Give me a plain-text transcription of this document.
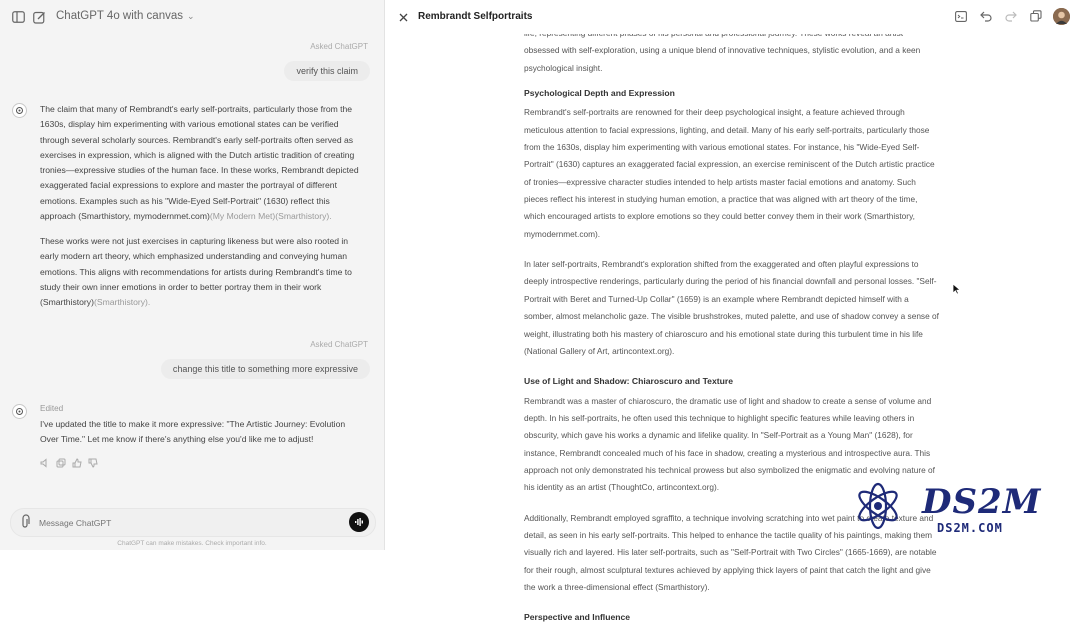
ChatGPT 4o with canvas ⌄
Asked ChatGPT
verify this claim

The claim that many of Rembrandt's early self-portraits, particularly those from the 1630s, display him experimenting with various emotional states can be verified through several scholarly sources. Rembrandt's early self-portraits often served as exercises in expression, which is aligned with the Dutch artistic tradition of creating tronies—expressive studies of the human face. In these works, Rembrandt depicted exaggerated facial expressions to explore and master the portrayal of different emotions. Examples such as his "Wide-Eyed Self-Portrait" (1630) reflect this approach (Smarthistory, mymodernmet.com)(My Modern Met)(Smarthistory).

These works were not just exercises in capturing likeness but were also rooted in early modern art theory, which emphasized understanding and conveying human emotions. This aligns with recommendations for artists during Rembrandt's time to study their own inner emotions in order to better portray them in their work (Smarthistory)(Smarthistory).

Asked ChatGPT
change this title to something more expressive
Edited

I've updated the title to make it more expressive: "The Artistic Journey: Evolution Over Time." Let me know if there's anything else you'd like me to adjust!

Message ChatGPT
ChatGPT can make mistakes. Check important info.
Rembrandt Selfportraits

obsessed with self-exploration, using a unique blend of innovative techniques, stylistic evolution, and a keen psychological insight.

Psychological Depth and Expression

Rembrandt's self-portraits are renowned for their deep psychological insight, a feature achieved through meticulous attention to facial expressions, lighting, and detail. Many of his early self-portraits, particularly those from the 1630s, display him experimenting with various emotional states. For instance, his "Wide-Eyed Self-Portrait" (1630) captures an exaggerated facial expression, an exercise reminiscent of the Dutch artistic practice of tronies—expressive character studies intended to help artists master facial emotions and anatomy. Such pieces reflect his interest in studying human emotion, a practice that was aligned with art theory of the time, which encouraged artists to explore emotions so they could better convey them in their work (Smarthistory, mymodernmet.com).

In later self-portraits, Rembrandt's exploration shifted from the exaggerated and often playful expressions to deeply introspective renderings, particularly during the period of his financial downfall and personal losses. "Self-Portrait with Beret and Turned-Up Collar" (1659) is an example where Rembrandt depicted himself with a somber, almost melancholic gaze. The visible brushstrokes, muted palette, and use of shadow convey a sense of weight, illustrating both his mastery of chiaroscuro and his emotional state during this turbulent time in his life (National Gallery of Art, artincontext.org).

Use of Light and Shadow: Chiaroscuro and Texture

Rembrandt was a master of chiaroscuro, the dramatic use of light and shadow to create a sense of volume and depth. In his self-portraits, he often used this technique to highlight specific features while leaving others in obscurity, which gave his works a dynamic and lifelike quality. In "Self-Portrait as a Young Man" (1628), for instance, Rembrandt concealed much of his face in shadow, creating a mysterious and introspective aura. This approach not only demonstrated his technical prowess but also symbolized the enigmatic and evolving nature of his identity as an artist (ThoughtCo, artincontext.org).

Additionally, Rembrandt employed sgraffito, a technique involving scratching into wet paint to create texture and detail, as seen in his early self-portraits. This helped to enhance the tactile quality of his paintings, making them visually rich and layered. His later self-portraits, such as "Self-Portrait with Two Circles" (1665-1669), are notable for their rough, almost sculptural textures achieved by applying thick layers of paint that catch the light and give the work a three-dimensional effect (Smarthistory).

Perspective and Influence
DS2M
DS2M.COM
